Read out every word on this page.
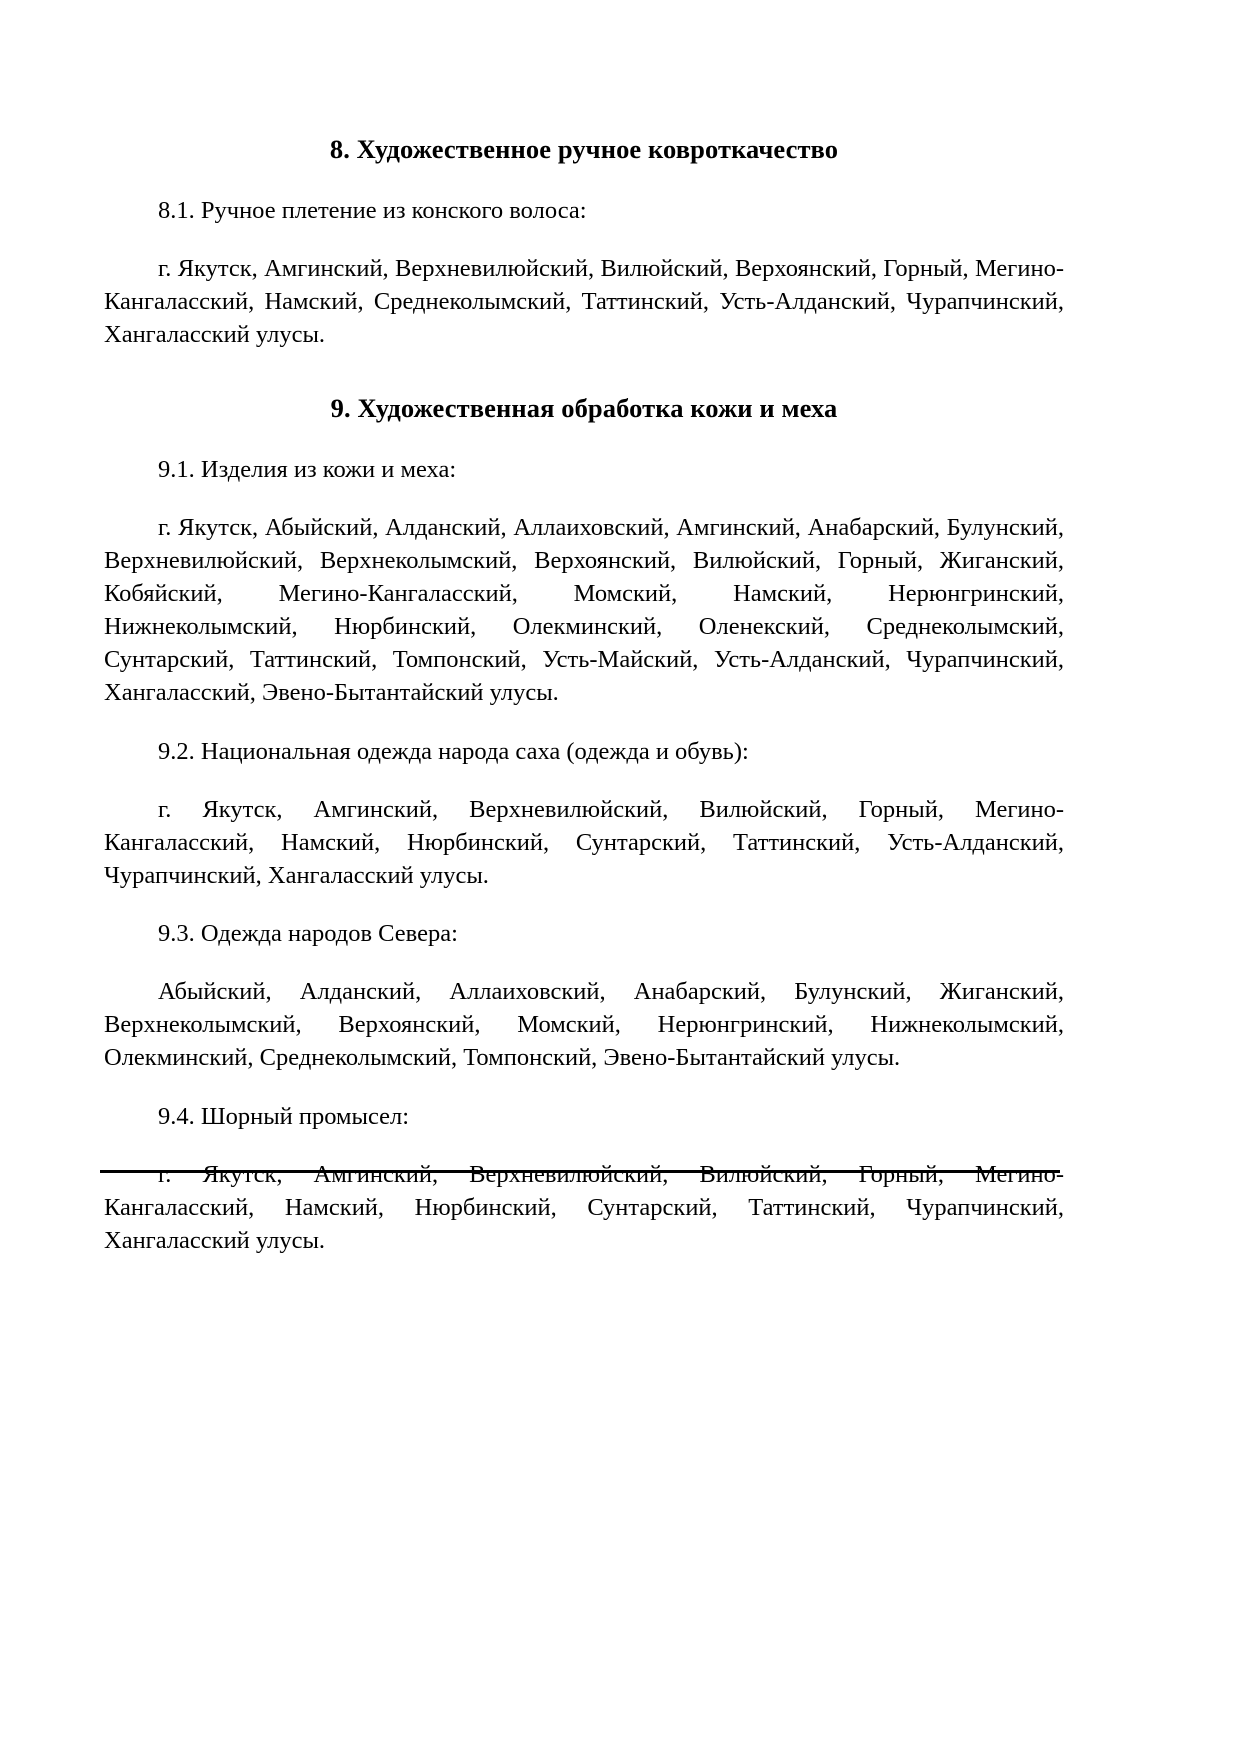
8. Художественное ручное ковроткачество

8.1. Ручное плетение из конского волоса:

г. Якутск, Амгинский, Верхневилюйский, Вилюйский, Верхоянский, Горный, Мегино-Кангаласский, Намский, Среднеколымский, Таттинский, Усть-Алданский, Чурапчинский, Хангаласский улусы.

9. Художественная обработка кожи и меха

9.1. Изделия из кожи и меха:

г. Якутск, Абыйский, Алданский, Аллаиховский, Амгинский, Анабарский, Булунский, Верхневилюйский, Верхнеколымский, Верхоянский, Вилюйский, Горный, Жиганский, Кобяйский, Мегино-Кангаласский, Момский, Намский, Нерюнгринский, Нижнеколымский, Нюрбинский, Олекминский, Оленекский, Среднеколымский, Сунтарский, Таттинский, Томпонский, Усть-Майский, Усть-Алданский, Чурапчинский, Хангаласский, Эвено-Бытантайский улусы.

9.2. Национальная одежда народа саха (одежда и обувь):

г. Якутск, Амгинский, Верхневилюйский, Вилюйский, Горный, Мегино-Кангаласский, Намский, Нюрбинский, Сунтарский, Таттинский, Усть-Алданский, Чурапчинский, Хангаласский улусы.

9.3. Одежда народов Севера:

Абыйский, Алданский, Аллаиховский, Анабарский, Булунский, Жиганский, Верхнеколымский, Верхоянский, Момский, Нерюнгринский, Нижнеколымский, Олекминский, Среднеколымский, Томпонский, Эвено-Бытантайский улусы.

9.4. Шорный промысел:

г. Якутск, Амгинский, Верхневилюйский, Вилюйский, Горный, Мегино-Кангаласский, Намский, Нюрбинский, Сунтарский, Таттинский, Чурапчинский, Хангаласский улусы.
